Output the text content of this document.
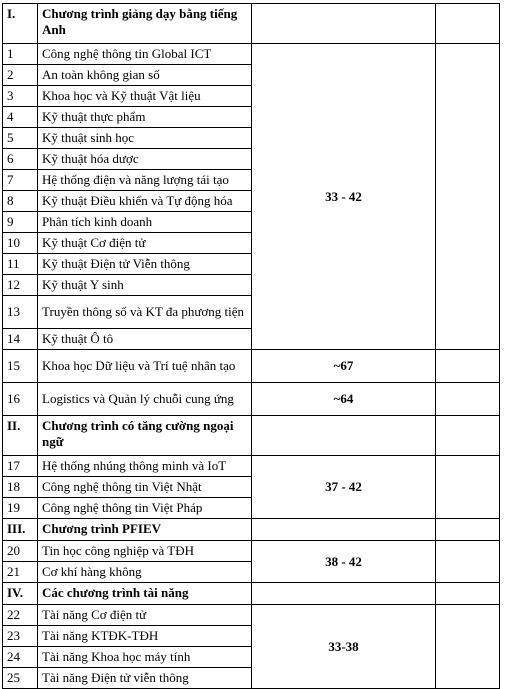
I.	Chương trình giảng dạy bằng tiếng Anh		
1	Công nghệ thông tin Global ICT	33 - 42	
2	An toàn không gian số		
3	Khoa học và Kỹ thuật Vật liệu		
4	Kỹ thuật thực phẩm		
5	Kỹ thuật sinh học		
6	Kỹ thuật hóa dược		
7	Hệ thống điện và năng lượng tái tạo		
8	Kỹ thuật Điều khiển và Tự động hóa		
9	Phân tích kinh doanh		
10	Kỹ thuật Cơ điện tử		
11	Kỹ thuật Điện tử Viễn thông		
12	Kỹ thuật Y sinh		
13	Truyền thông số và KT đa phương tiện		
14	Kỹ thuật Ô tô		
15	Khoa học Dữ liệu và Trí tuệ nhân tạo	~67	
16	Logistics và Quản lý chuỗi cung ứng	~64	
II.	Chương trình có tăng cường ngoại ngữ		
17	Hệ thống nhúng thông minh và IoT	37 - 42	
18	Công nghệ thông tin Việt Nhật		
19	Công nghệ thông tin Việt Pháp		
III.	Chương trình PFIEV		
20	Tin học công nghiệp và TĐH	38 - 42	
21	Cơ khí hàng không		
IV.	Các chương trình tài năng		
22	Tài năng Cơ điện tử	33-38	
23	Tài năng KTĐK-TĐH		
24	Tài năng Khoa học máy tính		
25	Tài năng Điện tử viễn thông		
